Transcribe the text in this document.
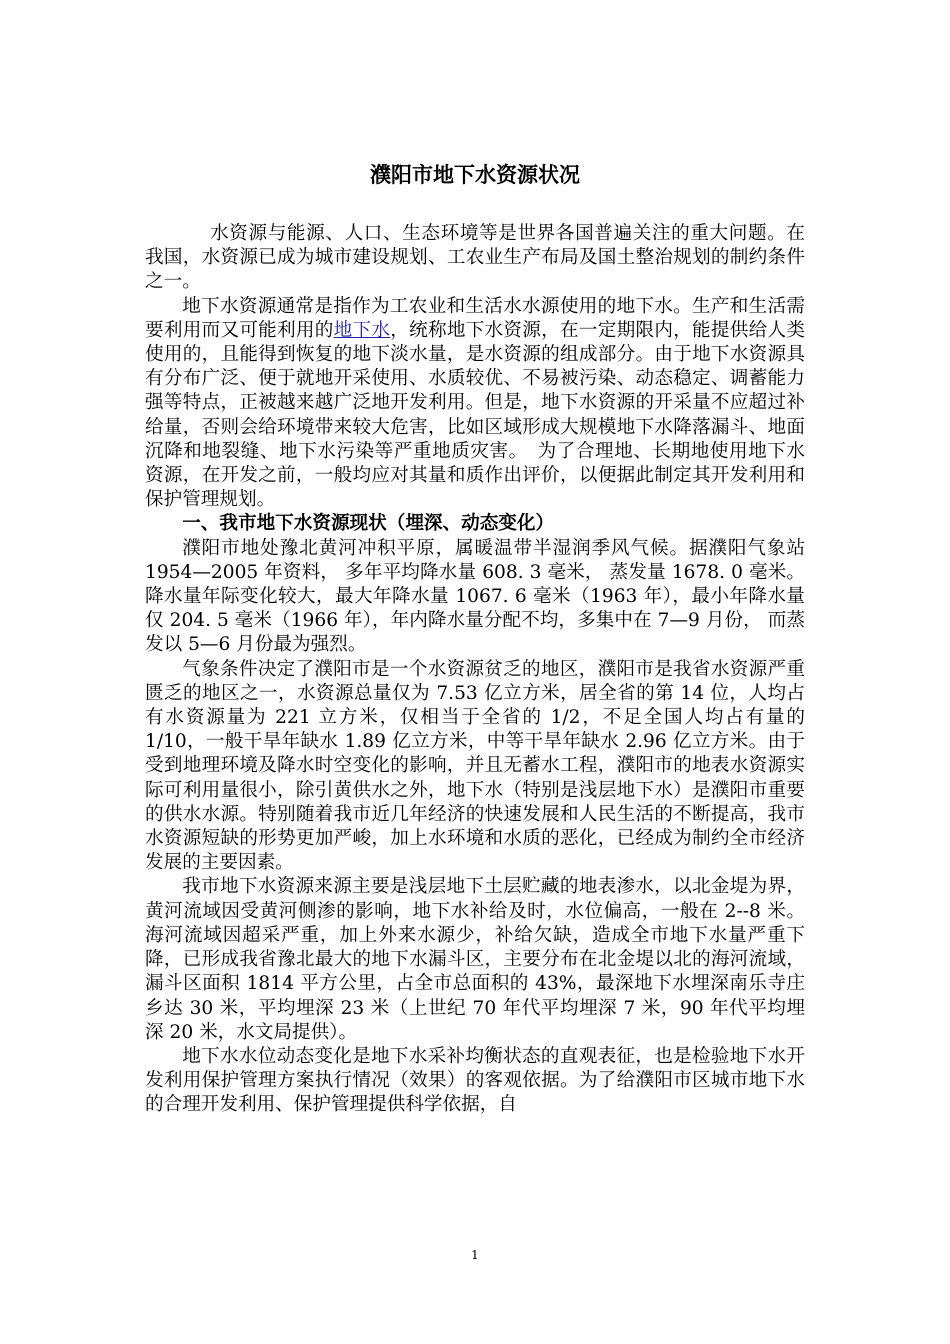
濮阳市地下水资源状况

水资源与能源、人口、生态环境等是世界各国普遍关注的重大问题。在我国，水资源已成为城市建设规划、工农业生产布局及国土整治规划的制约条件之一。

地下水资源通常是指作为工农业和生活水水源使用的地下水。生产和生活需要利用而又可能利用的地下水，统称地下水资源，在一定期限内，能提供给人类使用的，且能得到恢复的地下淡水量，是水资源的组成部分。由于地下水资源具有分布广泛、便于就地开采使用、水质较优、不易被污染、动态稳定、调蓄能力强等特点，正被越来越广泛地开发利用。但是，地下水资源的开采量不应超过补给量，否则会给环境带来较大危害，比如区域形成大规模地下水降落漏斗、地面沉降和地裂缝、地下水污染等严重地质灾害。　为了合理地、长期地使用地下水资源，在开发之前，一般均应对其量和质作出评价，以便据此制定其开发利用和保护管理规划。

一、我市地下水资源现状（埋深、动态变化）

濮阳市地处豫北黄河冲积平原，属暖温带半湿润季风气候。据濮阳气象站 1954—2005 年资料， 多年平均降水量 608. 3 毫米， 蒸发量 1678. 0 毫米。降水量年际变化较大，最大年降水量 1067. 6 毫米（1963 年），最小年降水量仅 204. 5 毫米（1966 年），年内降水量分配不均，多集中在 7—9 月份， 而蒸发以 5—6 月份最为强烈。

气象条件决定了濮阳市是一个水资源贫乏的地区，濮阳市是我省水资源严重匮乏的地区之一，水资源总量仅为 7.53 亿立方米，居全省的第 14 位，人均占有水资源量为 221 立方米，仅相当于全省的 1/2，不足全国人均占有量的 1/10，一般干旱年缺水 1.89 亿立方米，中等干旱年缺水 2.96 亿立方米。由于受到地理环境及降水时空变化的影响，并且无蓄水工程，濮阳市的地表水资源实际可利用量很小，除引黄供水之外，地下水（特别是浅层地下水）是濮阳市重要的供水水源。特别随着我市近几年经济的快速发展和人民生活的不断提高，我市水资源短缺的形势更加严峻，加上水环境和水质的恶化，已经成为制约全市经济发展的主要因素。

我市地下水资源来源主要是浅层地下土层贮藏的地表渗水，以北金堤为界，黄河流域因受黄河侧渗的影响，地下水补给及时，水位偏高，一般在 2--8 米。海河流域因超采严重，加上外来水源少，补给欠缺，造成全市地下水量严重下降，已形成我省豫北最大的地下水漏斗区，主要分布在北金堤以北的海河流域，漏斗区面积 1814 平方公里，占全市总面积的 43%，最深地下水埋深南乐寺庄乡达 30 米，平均埋深 23 米（上世纪 70 年代平均埋深 7 米，90 年代平均埋深 20 米，水文局提供）。

地下水水位动态变化是地下水采补均衡状态的直观表征，也是检验地下水开发利用保护管理方案执行情况（效果）的客观依据。为了给濮阳市区城市地下水的合理开发利用、保护管理提供科学依据，自

1
